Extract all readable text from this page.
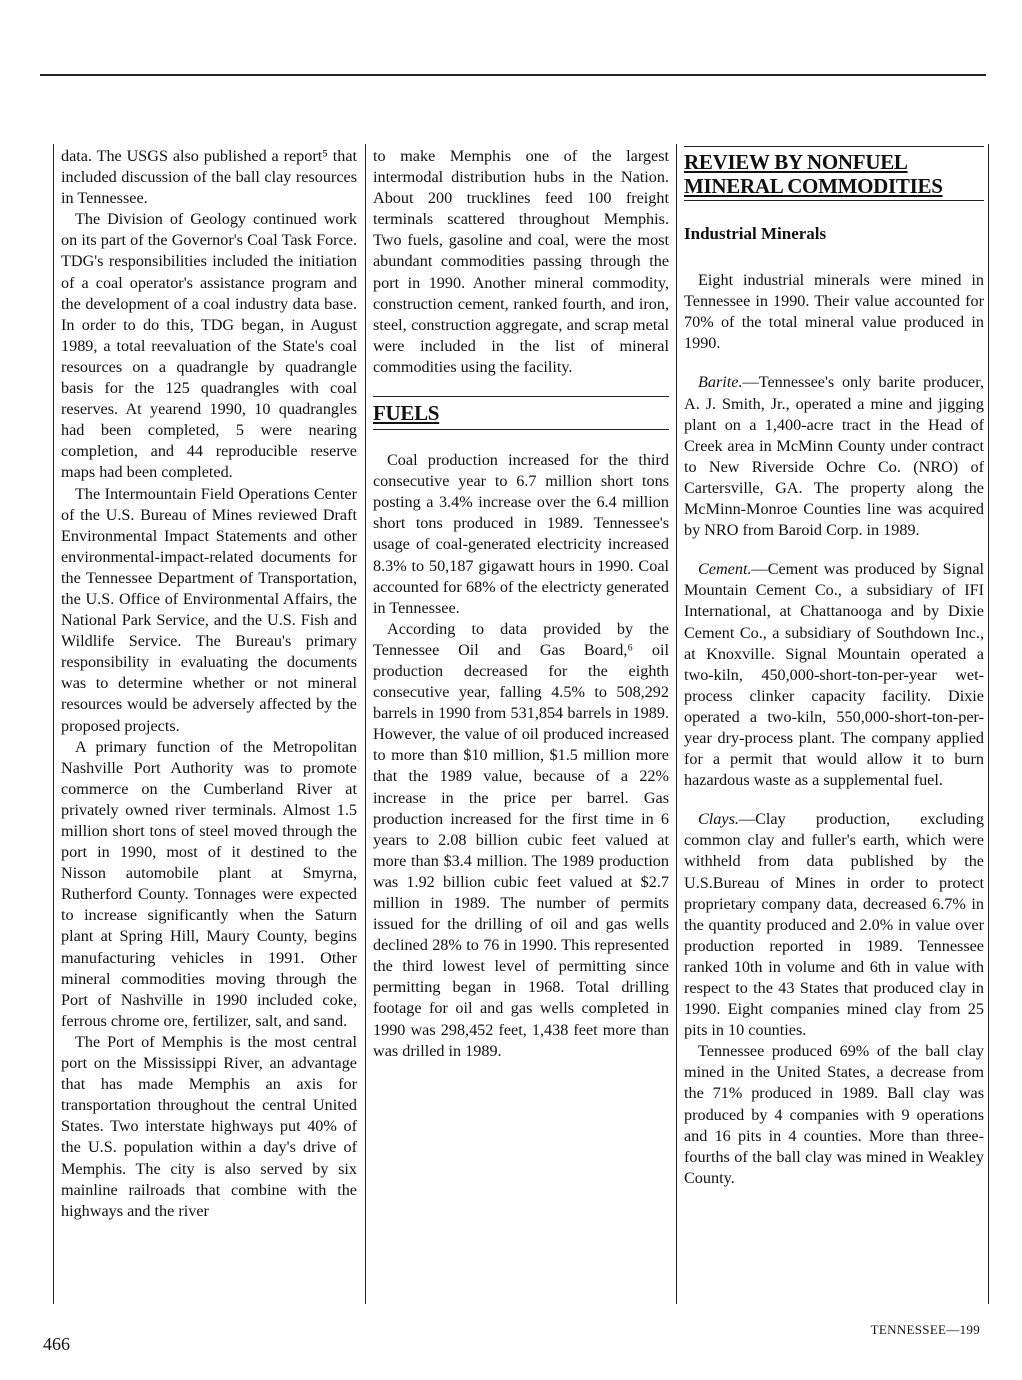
data. The USGS also published a report⁵ that included discussion of the ball clay resources in Tennessee.

The Division of Geology continued work on its part of the Governor's Coal Task Force. TDG's responsibilities included the initiation of a coal operator's assistance program and the development of a coal industry data base. In order to do this, TDG began, in August 1989, a total reevaluation of the State's coal resources on a quadrangle by quadrangle basis for the 125 quadrangles with coal reserves. At yearend 1990, 10 quadrangles had been completed, 5 were nearing completion, and 44 reproducible reserve maps had been completed.

The Intermountain Field Operations Center of the U.S. Bureau of Mines reviewed Draft Environmental Impact Statements and other environmental-impact-related documents for the Tennessee Department of Transportation, the U.S. Office of Environmental Affairs, the National Park Service, and the U.S. Fish and Wildlife Service. The Bureau's primary responsibility in evaluating the documents was to determine whether or not mineral resources would be adversely affected by the proposed projects.

A primary function of the Metropolitan Nashville Port Authority was to promote commerce on the Cumberland River at privately owned river terminals. Almost 1.5 million short tons of steel moved through the port in 1990, most of it destined to the Nisson automobile plant at Smyrna, Rutherford County. Tonnages were expected to increase significantly when the Saturn plant at Spring Hill, Maury County, begins manufacturing vehicles in 1991. Other mineral commodities moving through the Port of Nashville in 1990 included coke, ferrous chrome ore, fertilizer, salt, and sand.

The Port of Memphis is the most central port on the Mississippi River, an advantage that has made Memphis an axis for transportation throughout the central United States. Two interstate highways put 40% of the U.S. population within a day's drive of Memphis. The city is also served by six mainline railroads that combine with the highways and the river

to make Memphis one of the largest intermodal distribution hubs in the Nation. About 200 trucklines feed 100 freight terminals scattered throughout Memphis. Two fuels, gasoline and coal, were the most abundant commodities passing through the port in 1990. Another mineral commodity, construction cement, ranked fourth, and iron, steel, construction aggregate, and scrap metal were included in the list of mineral commodities using the facility.

FUELS

Coal production increased for the third consecutive year to 6.7 million short tons posting a 3.4% increase over the 6.4 million short tons produced in 1989. Tennessee's usage of coal-generated electricity increased 8.3% to 50,187 gigawatt hours in 1990. Coal accounted for 68% of the electricty generated in Tennessee.

According to data provided by the Tennessee Oil and Gas Board,⁶ oil production decreased for the eighth consecutive year, falling 4.5% to 508,292 barrels in 1990 from 531,854 barrels in 1989. However, the value of oil produced increased to more than $10 million, $1.5 million more that the 1989 value, because of a 22% increase in the price per barrel. Gas production increased for the first time in 6 years to 2.08 billion cubic feet valued at more than $3.4 million. The 1989 production was 1.92 billion cubic feet valued at $2.7 million in 1989. The number of permits issued for the drilling of oil and gas wells declined 28% to 76 in 1990. This represented the third lowest level of permitting since permitting began in 1968. Total drilling footage for oil and gas wells completed in 1990 was 298,452 feet, 1,438 feet more than was drilled in 1989.

REVIEW BY NONFUEL MINERAL COMMODITIES
Industrial Minerals

Eight industrial minerals were mined in Tennessee in 1990. Their value accounted for 70% of the total mineral value produced in 1990.

Barite.—Tennessee's only barite producer, A. J. Smith, Jr., operated a mine and jigging plant on a 1,400-acre tract in the Head of Creek area in McMinn County under contract to New Riverside Ochre Co. (NRO) of Cartersville, GA. The property along the McMinn-Monroe Counties line was acquired by NRO from Baroid Corp. in 1989.

Cement.—Cement was produced by Signal Mountain Cement Co., a subsidiary of IFI International, at Chattanooga and by Dixie Cement Co., a subsidiary of Southdown Inc., at Knoxville. Signal Mountain operated a two-kiln, 450,000-short-ton-per-year wet-process clinker capacity facility. Dixie operated a two-kiln, 550,000-short-ton-per-year dry-process plant. The company applied for a permit that would allow it to burn hazardous waste as a supplemental fuel.

Clays.—Clay production, excluding common clay and fuller's earth, which were withheld from data published by the U.S.Bureau of Mines in order to protect proprietary company data, decreased 6.7% in the quantity produced and 2.0% in value over production reported in 1989. Tennessee ranked 10th in volume and 6th in value with respect to the 43 States that produced clay in 1990. Eight companies mined clay from 25 pits in 10 counties.

Tennessee produced 69% of the ball clay mined in the United States, a decrease from the 71% produced in 1989. Ball clay was produced by 4 companies with 9 operations and 16 pits in 4 counties. More than three-fourths of the ball clay was mined in Weakley County.

466
TENNESSEE—199
